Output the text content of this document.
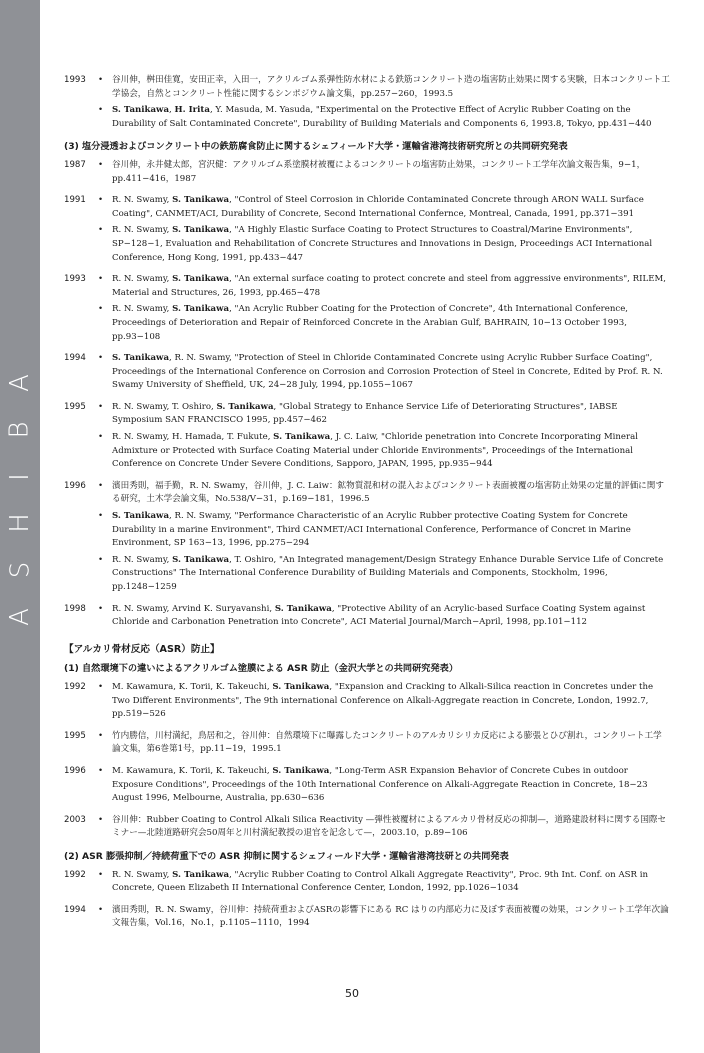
A
S
H
I
B
A
1993	•	谷川伸，桝田佳寛，安田正幸，入田一，アクリルゴム系弾性防水材による鉄筋コンクリート造の塩害防止効果に関する実験，日本コンクリート工学協会，自然とコンクリート性能に関するシンポジウム論文集，pp.257−260，1993.5
•	S. Tanikawa, H. Irita, Y. Masuda, M. Yasuda, "Experimental on the Protective Effect of Acrylic Rubber Coating on the Durability of Salt Contaminated Concrete", Durability of Building Materials and Components 6, 1993.8, Tokyo, pp.431−440
(3) 塩分浸透およびコンクリート中の鉄筋腐食防止に関するシェフィールド大学・運輸省港湾技術研究所との共同研究発表
1987	•	谷川伸，永井健太郎，宮沢健：アクリルゴム系塗膜材被覆によるコンクリートの塩害防止効果，コンクリート工学年次論文報告集，9−1，pp.411−416，1987
1991	•	R. N. Swamy, S. Tanikawa, "Control of Steel Corrosion in Chloride Contaminated Concrete through ARON WALL Surface Coating", CANMET/ACI, Durability of Concrete, Second International Confernce, Montreal, Canada, 1991, pp.371−391
•	R. N. Swamy, S. Tanikawa, "A Highly Elastic Surface Coating to Protect Structures to Coastral/Marine Environments", SP−128−1, Evaluation and Rehabilitation of Concrete Structures and Innovations in Design, Proceedings ACI International Conference, Hong Kong, 1991, pp.433−447
1993	•	R. N. Swamy, S. Tanikawa, "An external surface coating to protect concrete and steel from aggressive environments", RILEM, Material and Structures, 26, 1993, pp.465−478
•	R. N. Swamy, S. Tanikawa, "An Acrylic Rubber Coating for the Protection of Concrete", 4th International Conference, Proceedings of Deterioration and Repair of Reinforced Concrete in the Arabian Gulf, BAHRAIN, 10−13 October 1993, pp.93−108
1994	•	S. Tanikawa, R. N. Swamy, "Protection of Steel in Chloride Contaminated Concrete using Acrylic Rubber Surface Coating", Proceedings of the International Conference on Corrosion and Corrosion Protection of Steel in Concrete, Edited by Prof. R. N. Swamy University of Sheffield, UK, 24−28 July, 1994, pp.1055−1067
1995	•	R. N. Swamy, T. Oshiro, S. Tanikawa, "Global Strategy to Enhance Service Life of Deteriorating Structures", IABSE Symposium SAN FRANCISCO 1995, pp.457−462
•	R. N. Swamy, H. Hamada, T. Fukute, S. Tanikawa, J. C. Laiw, "Chloride penetration into Concrete Incorporating Mineral Admixture or Protected with Surface Coating Material under Chloride Environments", Proceedings of the International Conference on Concrete Under Severe Conditions, Sapporo, JAPAN, 1995, pp.935−944
1996	•	濱田秀則，福手勤，R. N. Swamy，谷川伸，J. C. Laiw：鉱物質混和材の混入およびコンクリート表面被覆の塩害防止効果の定量的評価に関する研究，土木学会論文集，No.538/V−31，p.169−181，1996.5
•	S. Tanikawa, R. N. Swamy, "Performance Characteristic of an Acrylic Rubber protective Coating System for Concrete Durability in a marine Environment", Third CANMET/ACI International Conference, Performance of Concret in Marine Environment, SP 163−13, 1996, pp.275−294
•	R. N. Swamy, S. Tanikawa, T. Oshiro, "An Integrated management/Design Strategy Enhance Durable Service Life of Concrete Constructions" The International Conference Durability of Building Materials and Components, Stockholm, 1996, pp.1248−1259
1998	•	R. N. Swamy, Arvind K. Suryavanshi, S. Tanikawa, "Protective Ability of an Acrylic-based Surface Coating System against Chloride and Carbonation Penetration into Concrete", ACI Material Journal/March−April, 1998, pp.101−112
【アルカリ骨材反応（ASR）防止】
(1) 自然環境下の違いによるアクリルゴム塗膜による ASR 防止（金沢大学との共同研究発表）
1992	•	M. Kawamura, K. Torii, K. Takeuchi, S. Tanikawa, "Expansion and Cracking to Alkali-Silica reaction in Concretes under the Two Different Environments", The 9th international Conference on Alkali-Aggregate reaction in Concrete, London, 1992.7, pp.519−526
1995	•	竹内勝信，川村満紀，鳥居和之，谷川伸：自然環境下に曝露したコンクリートのアルカリシリカ反応による膨張とひび割れ，コンクリート工学論文集，第6巻第1号，pp.11−19，1995.1
1996	•	M. Kawamura, K. Torii, K. Takeuchi, S. Tanikawa, "Long-Term ASR Expansion Behavior of Concrete Cubes in outdoor Exposure Conditions", Proceedings of the 10th International Conference on Alkali-Aggregate Reaction in Concrete, 18−23 August 1996, Melbourne, Australia, pp.630−636
2003	•	谷川伸：Rubber Coating to Control Alkali Silica Reactivity —弾性被覆材によるアルカリ骨材反応の抑制—，道路建設材料に関する国際セミナー—北陸道路研究会50周年と川村満紀教授の退官を記念して—，2003.10，p.89−106
(2) ASR 膨張抑制／持続荷重下での ASR 抑制に関するシェフィールド大学・運輸省港湾技研との共同発表
1992	•	R. N. Swamy, S. Tanikawa, "Acrylic Rubber Coating to Control Alkali Aggregate Reactivity", Proc. 9th Int. Conf. on ASR in Concrete, Queen Elizabeth II International Conference Center, London, 1992, pp.1026−1034
1994	•	濱田秀則，R. N. Swamy，谷川伸：持続荷重およびASRの影響下にある RC はりの内部応力に及ぼす表面被覆の効果，コンクリート工学年次論文報告集，Vol.16，No.1，p.1105−1110，1994
50
